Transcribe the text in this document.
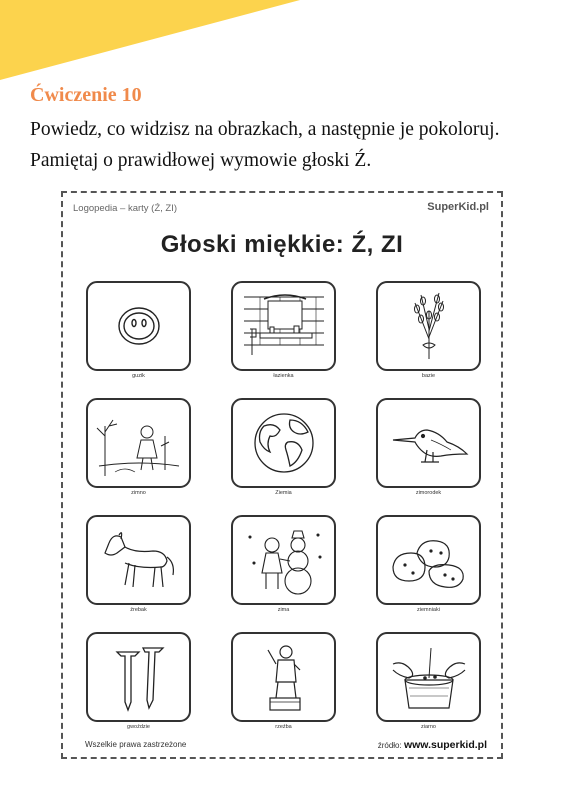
Ćwiczenie 10
Powiedz, co widzisz na obrazkach, a następnie je pokoloruj. Pamiętaj o prawidłowej wymowie głoski Ź.
Logopedia – karty (Ź, ZI)	SuperKid.pl
Głoski miękkie: Ź, ZI
guzik	łazienka	bazie
zimno	Ziemia	zimorodek
źrebak	zima	ziemniaki
gwoździe	rzeźba	ziarno
Wszelkie prawa zastrzeżone	źródło: www.superkid.pl
